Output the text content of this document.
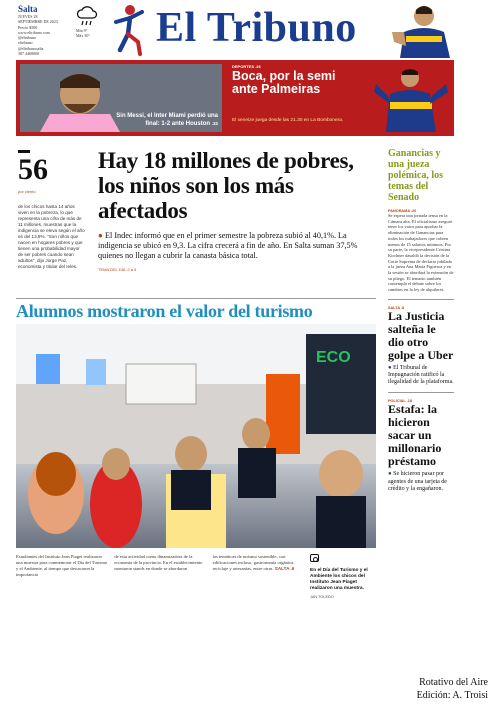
Salta
JUEVES 28
SEPTIEMBRE DE 2023
Precio $500
www.eltribuno.com
@eltribuno
eltribuno
@eltribunosalta
387 4468000
Mín 9°
Máx 30° El Tribuno
Sin Messi, el Inter Miami perdió una final: 1-2 ante Houston .32
DEPORTES .26
Boca, por la semi ante Palmeiras
El xeneize juega desde las 21.30 en La Bombonera.
56
por ciento
de los chicos hasta 14 años viven en la pobreza, lo que representa una cifra de más de 11 millones, muestras que la indigencia se eleva según el año es del 13,9%. "Son niños que nacen en hogares pobres y que tienen una probabilidad mayor de ser pobres cuando sean adultos", dijo Jorge Paz, economista y titular del Ieles.
Hay 18 millones de pobres, los niños son los más afectados
● El Indec informó que en el primer semestre la pobreza subió al 40,1%. La indigencia se ubicó en 9,3. La cifra crecerá a fin de año. En Salta suman 37,5% quienes no llegan a cubrir la canasta básica total.
TEMA DEL DÍA .2 a 4
Ganancias y una jueza polémica, los temas del Senado
PANORAMA .20
Se espera una jornada tensa en la Cámara alta. El oficialismo aseguró tener los votos para aprobar la eliminación de Ganancias para todos los trabajadores que cobren menos de 15 salarios mínimos. Por su parte, la vicepresidente Cristina Kirchner dasaldó la decisión de la Corte Suprema de declarar jubilada a la jueza Ana María Figueroa y en la sesión se abordará la extensión de su pliego. El temario también contempla el debate sobre los cambios en la ley de alquileres.
SALTA .8
La Justicia salteña le dio otro golpe a Uber
● El Tribunal de Impugnación ratificó la ilegalidad de la plataforma.
POLICIAL .18
Estafa: la hicieron sacar un millonario préstamo
● Se hicieron pasar por agentes de una tarjeta de crédito y la engañaron.
Alumnos mostraron el valor del turismo
ECO
Estudiantes del Instituto Jean Piaget realizaron una muestra para conmemorar el Día del Turismo y el Ambiente, al tiempo que destacaron la importancia
de esta actividad como dinamizadora de la economía de la provincia. En el establecimiento montaron stands en donde se abordaron
las temáticas de turismo sostenible, con edificaciones incluso, gastronomía orgánica, reciclaje y artesanías, entre otras. SALTA .6	En el Día del Turismo y el Ambiente los chicos del Instituto Jean Piaget realizaron una muestra.
JAN TOLEDO
Rotativo del Aire
Edición: A. Troisi
